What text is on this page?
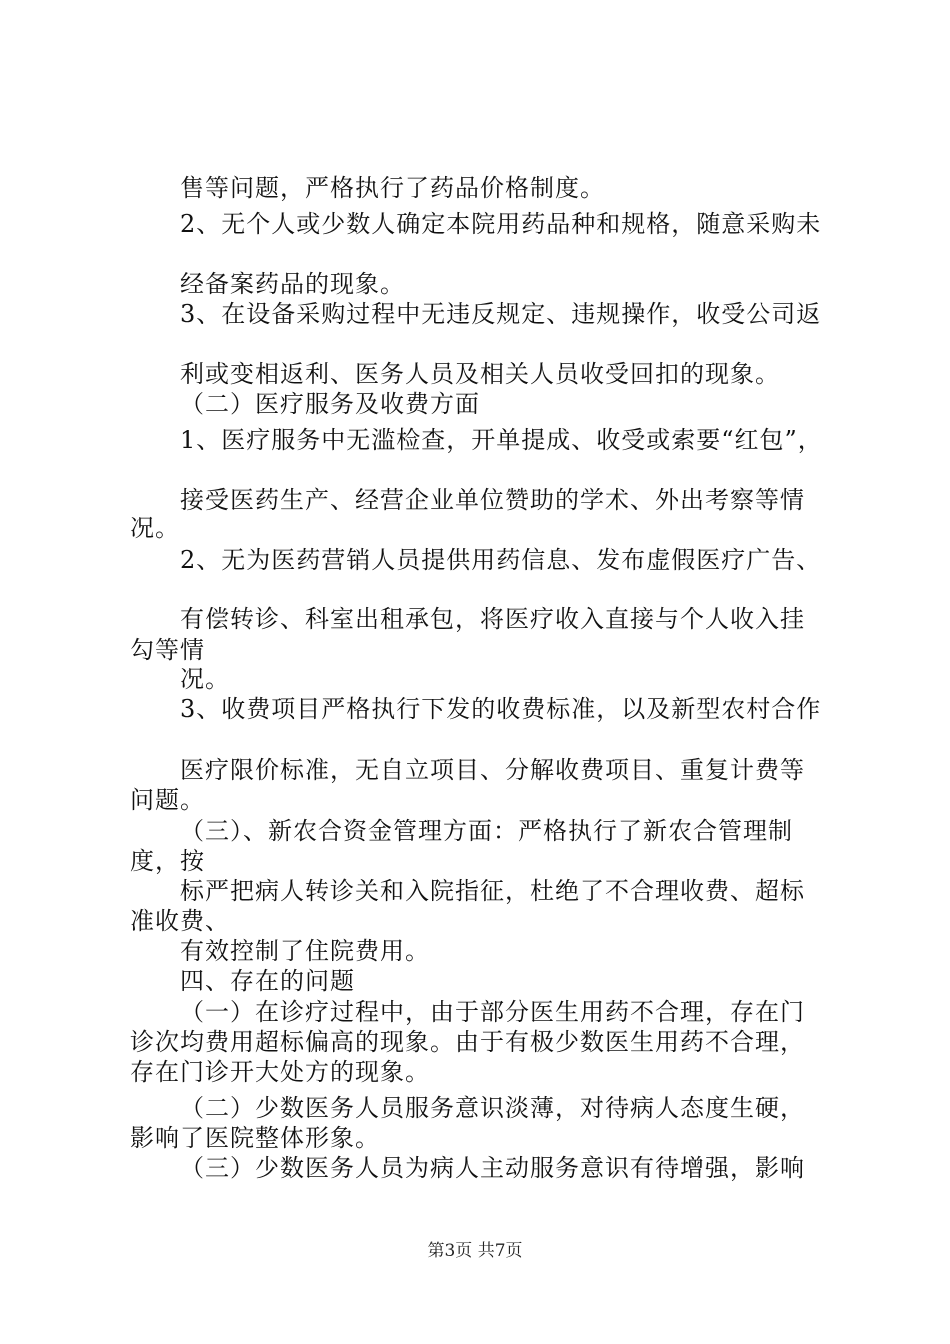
售等问题，严格执行了药品价格制度。
2、无个人或少数人确定本院用药品种和规格，随意采购未
经备案药品的现象。
3、在设备采购过程中无违反规定、违规操作，收受公司返
利或变相返利、医务人员及相关人员收受回扣的现象。
（二）医疗服务及收费方面
1、医疗服务中无滥检查，开单提成、收受或索要“红包”，
接受医药生产、经营企业单位赞助的学术、外出考察等情
况。
2、无为医药营销人员提供用药信息、发布虚假医疗广告、
有偿转诊、科室出租承包，将医疗收入直接与个人收入挂
勾等情
况。
3、收费项目严格执行下发的收费标准，以及新型农村合作
医疗限价标准，无自立项目、分解收费项目、重复计费等
问题。
（三）、新农合资金管理方面：严格执行了新农合管理制
度，按
标严把病人转诊关和入院指征，杜绝了不合理收费、超标
准收费、
有效控制了住院费用。
四、存在的问题
（一）在诊疗过程中，由于部分医生用药不合理，存在门
诊次均费用超标偏高的现象。由于有极少数医生用药不合理，
存在门诊开大处方的现象。
（二）少数医务人员服务意识淡薄，对待病人态度生硬，
影响了医院整体形象。
（三）少数医务人员为病人主动服务意识有待增强，影响
第3页 共7页
